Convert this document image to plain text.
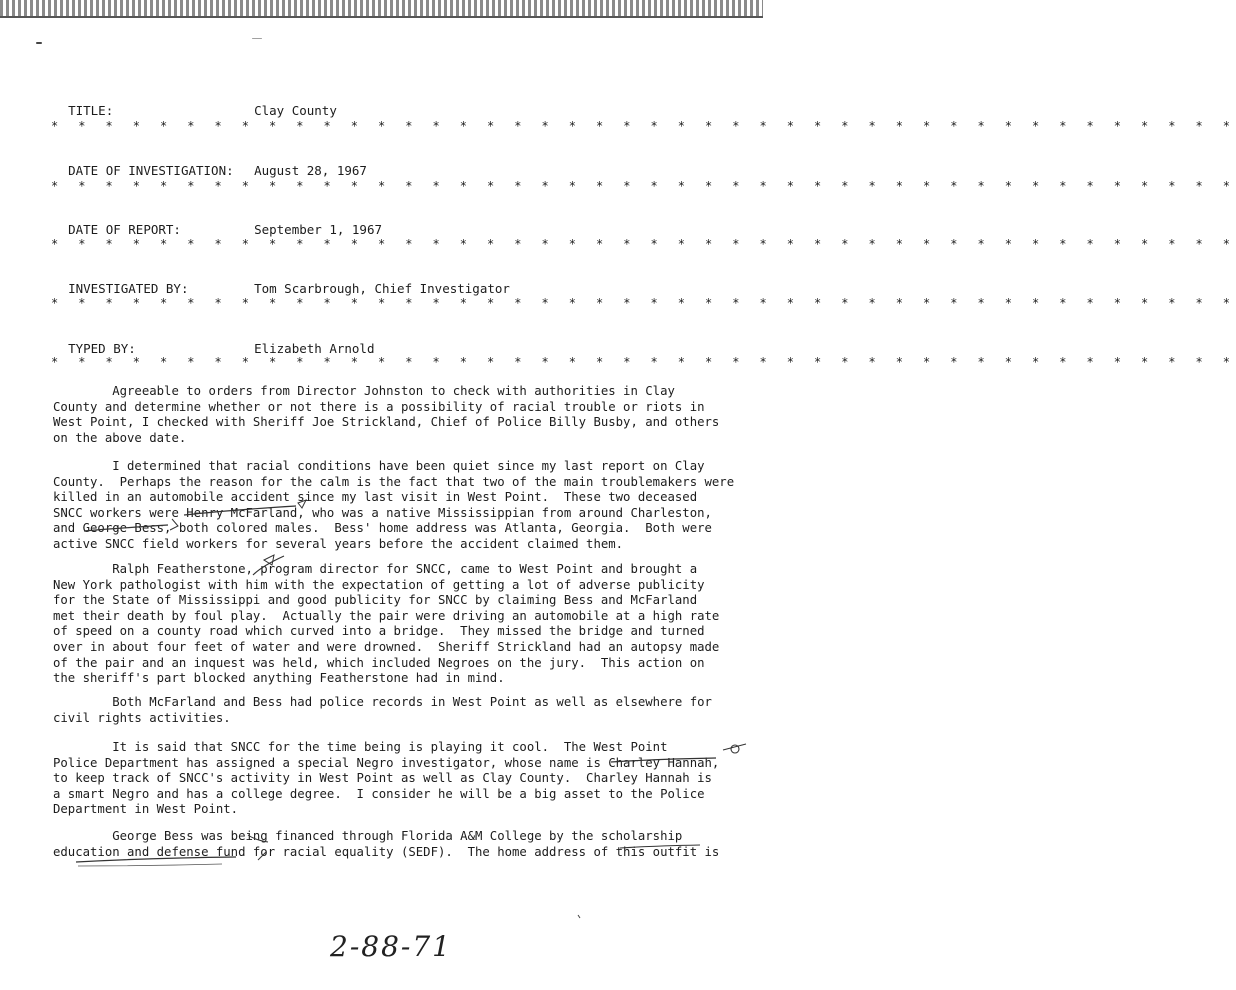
TITLE:	Clay County

* * * * * * * * * * * * * * * * * * * * * * * * * * * * * * * * * * * * * * * * * * * *

DATE OF INVESTIGATION: August 28, 1967

* * * * * * * * * * * * * * * * * * * * * * * * * * * * * * * * * * * * * * * * * * * *

DATE OF REPORT:	September 1, 1967

* * * * * * * * * * * * * * * * * * * * * * * * * * * * * * * * * * * * * * * * * * * *

INVESTIGATED BY:	Tom Scarbrough, Chief Investigator

* * * * * * * * * * * * * * * * * * * * * * * * * * * * * * * * * * * * * * * * * * * *

TYPED BY:	Elizabeth Arnold

* * * * * * * * * * * * * * * * * * * * * * * * * * * * * * * * * * * * * * * * * * * *
Agreeable to orders from Director Johnston to check with authorities in Clay
County and determine whether or not there is a possibility of racial trouble or riots in
West Point, I checked with Sheriff Joe Strickland, Chief of Police Billy Busby, and others
on the above date.
I determined that racial conditions have been quiet since my last report on Clay
County.  Perhaps the reason for the calm is the fact that two of the main troublemakers were
killed in an automobile accident since my last visit in West Point.  These two deceased
SNCC workers were Henry McFarland, who was a native Mississippian from around Charleston,
and George Bess, both colored males.  Bess' home address was Atlanta, Georgia.  Both were
active SNCC field workers for several years before the accident claimed them.
Ralph Featherstone, program director for SNCC, came to West Point and brought a
New York pathologist with him with the expectation of getting a lot of adverse publicity
for the State of Mississippi and good publicity for SNCC by claiming Bess and McFarland
met their death by foul play.  Actually the pair were driving an automobile at a high rate
of speed on a county road which curved into a bridge.  They missed the bridge and turned
over in about four feet of water and were drowned.  Sheriff Strickland had an autopsy made
of the pair and an inquest was held, which included Negroes on the jury.  This action on
the sheriff's part blocked anything Featherstone had in mind.
Both McFarland and Bess had police records in West Point as well as elsewhere for
civil rights activities.
It is said that SNCC for the time being is playing it cool.  The West Point
Police Department has assigned a special Negro investigator, whose name is Charley Hannah,
to keep track of SNCC's activity in West Point as well as Clay County.  Charley Hannah is
a smart Negro and has a college degree.  I consider he will be a big asset to the Police
Department in West Point.
George Bess was being financed through Florida A&M College by the scholarship
education and defense fund for racial equality (SEDF).  The home address of this outfit is
2-88-71
